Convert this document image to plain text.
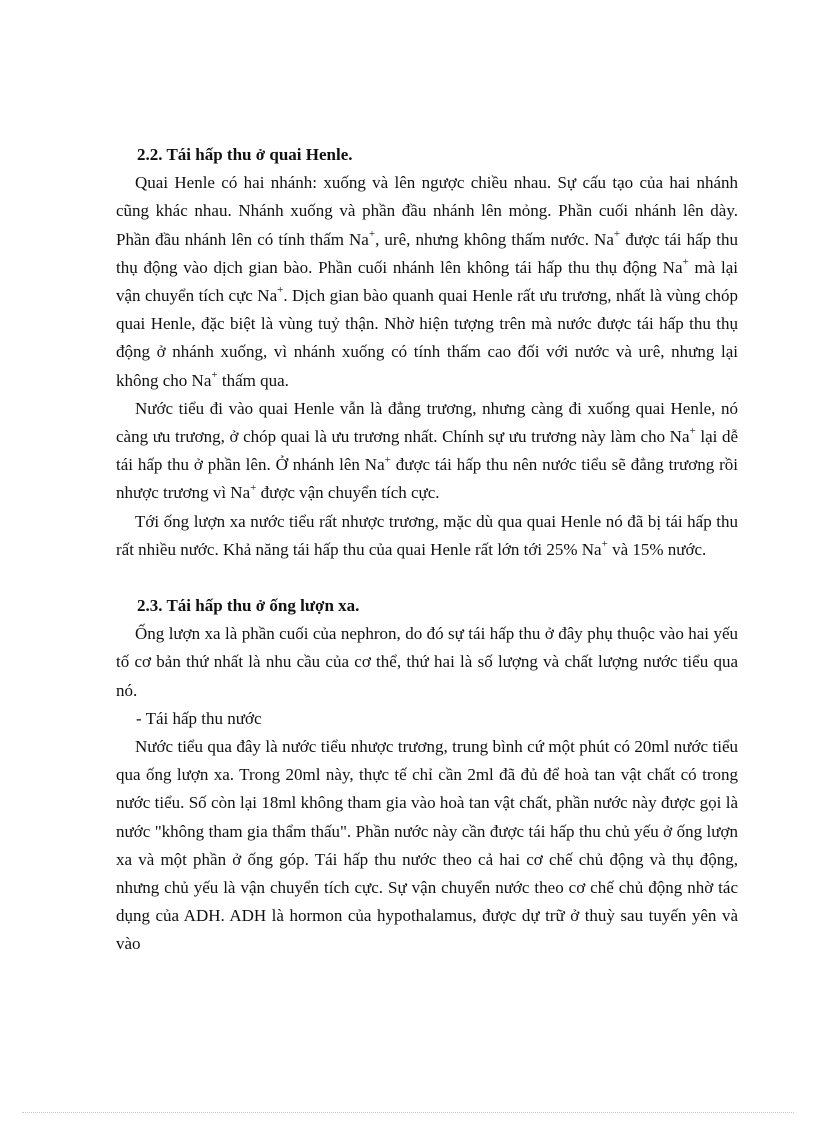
2.2. Tái hấp thu ở quai Henle.

Quai Henle có hai nhánh: xuống và lên ngược chiều nhau. Sự cấu tạo của hai nhánh cũng khác nhau. Nhánh xuống và phần đầu nhánh lên mỏng. Phần cuối nhánh lên dày. Phần đầu nhánh lên có tính thấm Na+, urê, nhưng không thấm nước. Na+ được tái hấp thu thụ động vào dịch gian bào. Phần cuối nhánh lên không tái hấp thu thụ động Na+ mà lại vận chuyển tích cực Na+. Dịch gian bào quanh quai Henle rất ưu trương, nhất là vùng chóp quai Henle, đặc biệt là vùng tuỷ thận. Nhờ hiện tượng trên mà nước được tái hấp thu thụ động ở nhánh xuống, vì nhánh xuống có tính thấm cao đối với nước và urê, nhưng lại không cho Na+ thấm qua.

Nước tiểu đi vào quai Henle vẫn là đẳng trương, nhưng càng đi xuống quai Henle, nó càng ưu trương, ở chóp quai là ưu trương nhất. Chính sự ưu trương này làm cho Na+ lại dễ tái hấp thu ở phần lên. Ở nhánh lên Na+ được tái hấp thu nên nước tiểu sẽ đẳng trương rồi nhược trương vì Na+ được vận chuyển tích cực.

Tới ống lượn xa nước tiểu rất nhược trương, mặc dù qua quai Henle nó đã bị tái hấp thu rất nhiều nước. Khả năng tái hấp thu của quai Henle rất lớn tới 25% Na+ và 15% nước.

2.3. Tái hấp thu ở ống lượn xa.

Ống lượn xa là phần cuối của nephron, do đó sự tái hấp thu ở đây phụ thuộc vào hai yếu tố cơ bản thứ nhất là nhu cầu của cơ thể, thứ hai là số lượng và chất lượng nước tiểu qua nó.

- Tái hấp thu nước

Nước tiểu qua đây là nước tiểu nhược trương, trung bình cứ một phút có 20ml nước tiểu qua ống lượn xa. Trong 20ml này, thực tế chỉ cần 2ml đã đủ để hoà tan vật chất có trong nước tiểu. Số còn lại 18ml không tham gia vào hoà tan vật chất, phần nước này được gọi là nước "không tham gia thẩm thấu". Phần nước này cần được tái hấp thu chủ yếu ở ống lượn xa và một phần ở ống góp. Tái hấp thu nước theo cả hai cơ chế chủ động và thụ động, nhưng chủ yếu là vận chuyển tích cực. Sự vận chuyển nước theo cơ chế chủ động nhờ tác dụng của ADH. ADH là hormon của hypothalamus, được dự trữ ở thuỳ sau tuyến yên và vào
